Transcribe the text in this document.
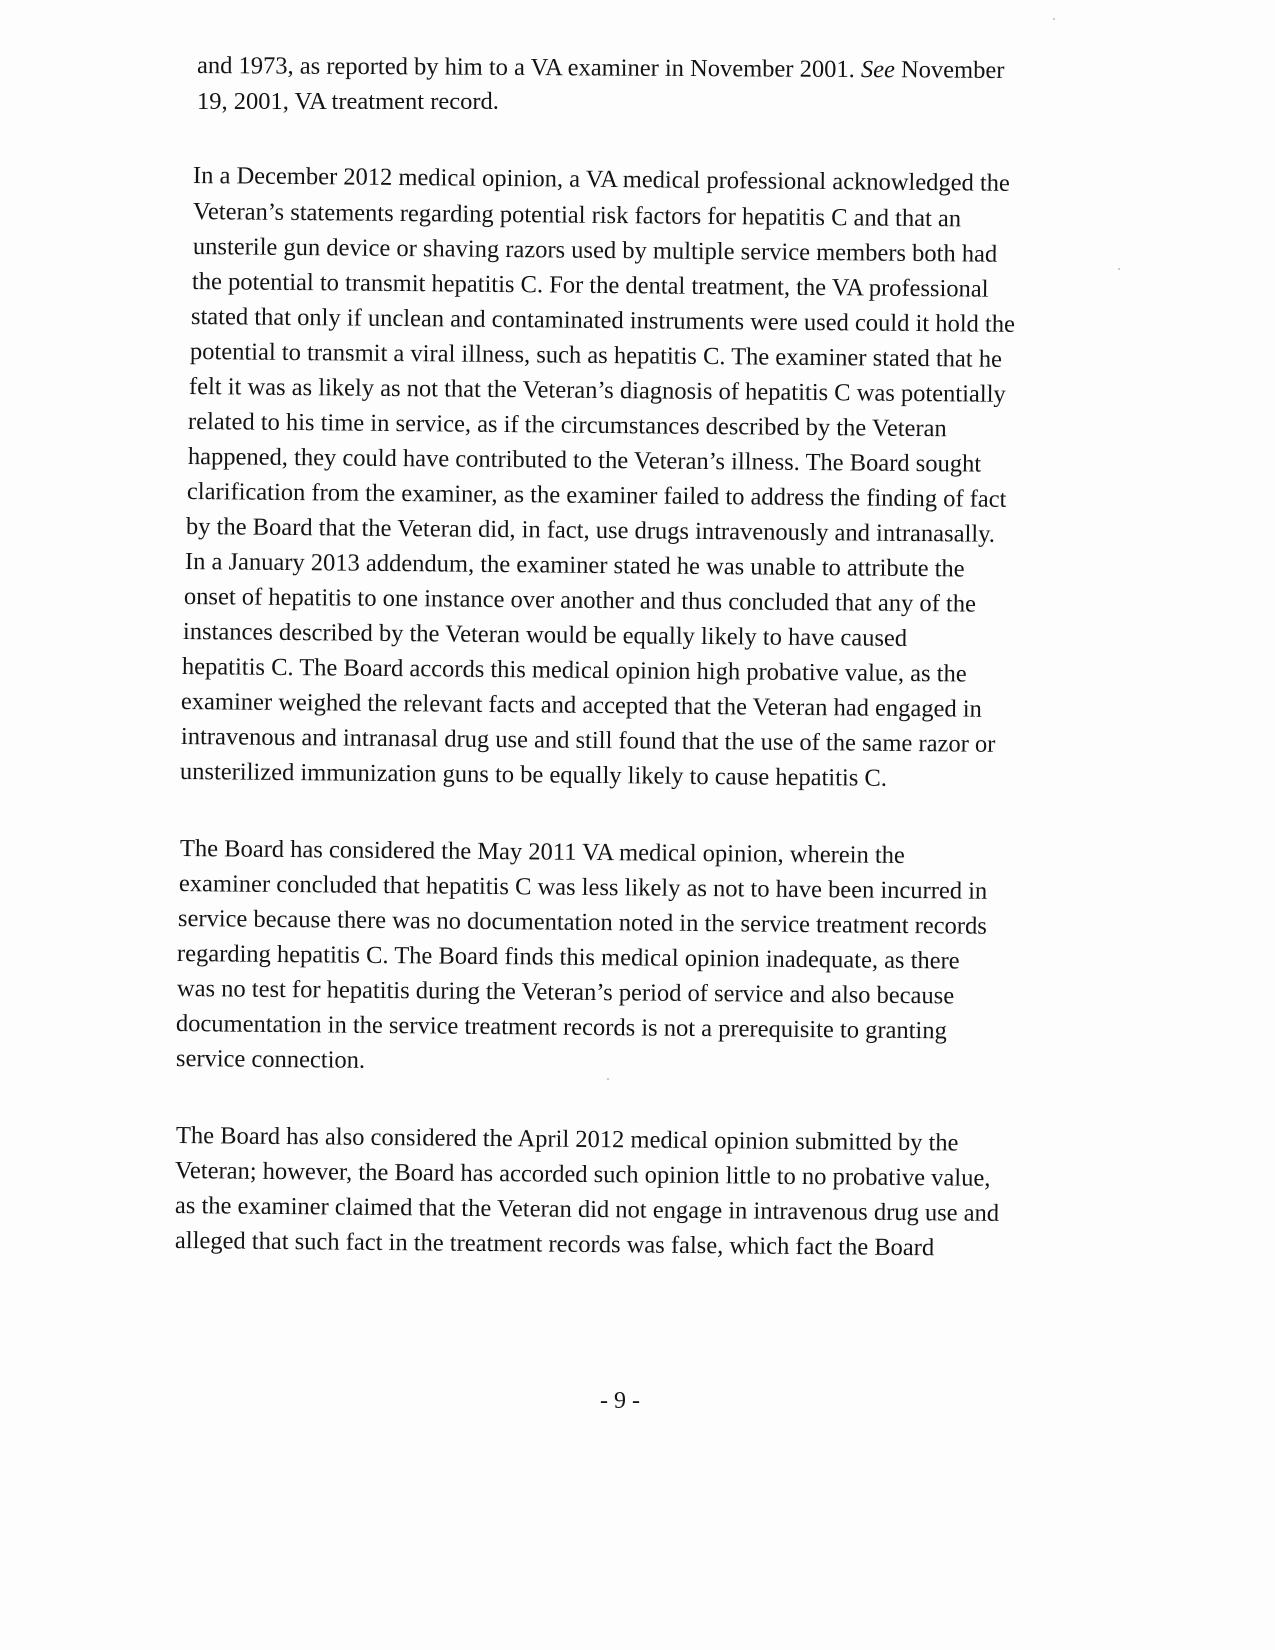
and 1973, as reported by him to a VA examiner in November 2001. See November
19, 2001, VA treatment record.
In a December 2012 medical opinion, a VA medical professional acknowledged the
Veteran’s statements regarding potential risk factors for hepatitis C and that an
unsterile gun device or shaving razors used by multiple service members both had
the potential to transmit hepatitis C. For the dental treatment, the VA professional
stated that only if unclean and contaminated instruments were used could it hold the
potential to transmit a viral illness, such as hepatitis C. The examiner stated that he
felt it was as likely as not that the Veteran’s diagnosis of hepatitis C was potentially
related to his time in service, as if the circumstances described by the Veteran
happened, they could have contributed to the Veteran’s illness. The Board sought
clarification from the examiner, as the examiner failed to address the finding of fact
by the Board that the Veteran did, in fact, use drugs intravenously and intranasally.
In a January 2013 addendum, the examiner stated he was unable to attribute the
onset of hepatitis to one instance over another and thus concluded that any of the
instances described by the Veteran would be equally likely to have caused
hepatitis C. The Board accords this medical opinion high probative value, as the
examiner weighed the relevant facts and accepted that the Veteran had engaged in
intravenous and intranasal drug use and still found that the use of the same razor or
unsterilized immunization guns to be equally likely to cause hepatitis C.
The Board has considered the May 2011 VA medical opinion, wherein the
examiner concluded that hepatitis C was less likely as not to have been incurred in
service because there was no documentation noted in the service treatment records
regarding hepatitis C. The Board finds this medical opinion inadequate, as there
was no test for hepatitis during the Veteran’s period of service and also because
documentation in the service treatment records is not a prerequisite to granting
service connection.
The Board has also considered the April 2012 medical opinion submitted by the
Veteran; however, the Board has accorded such opinion little to no probative value,
as the examiner claimed that the Veteran did not engage in intravenous drug use and
alleged that such fact in the treatment records was false, which fact the Board
- 9 -
